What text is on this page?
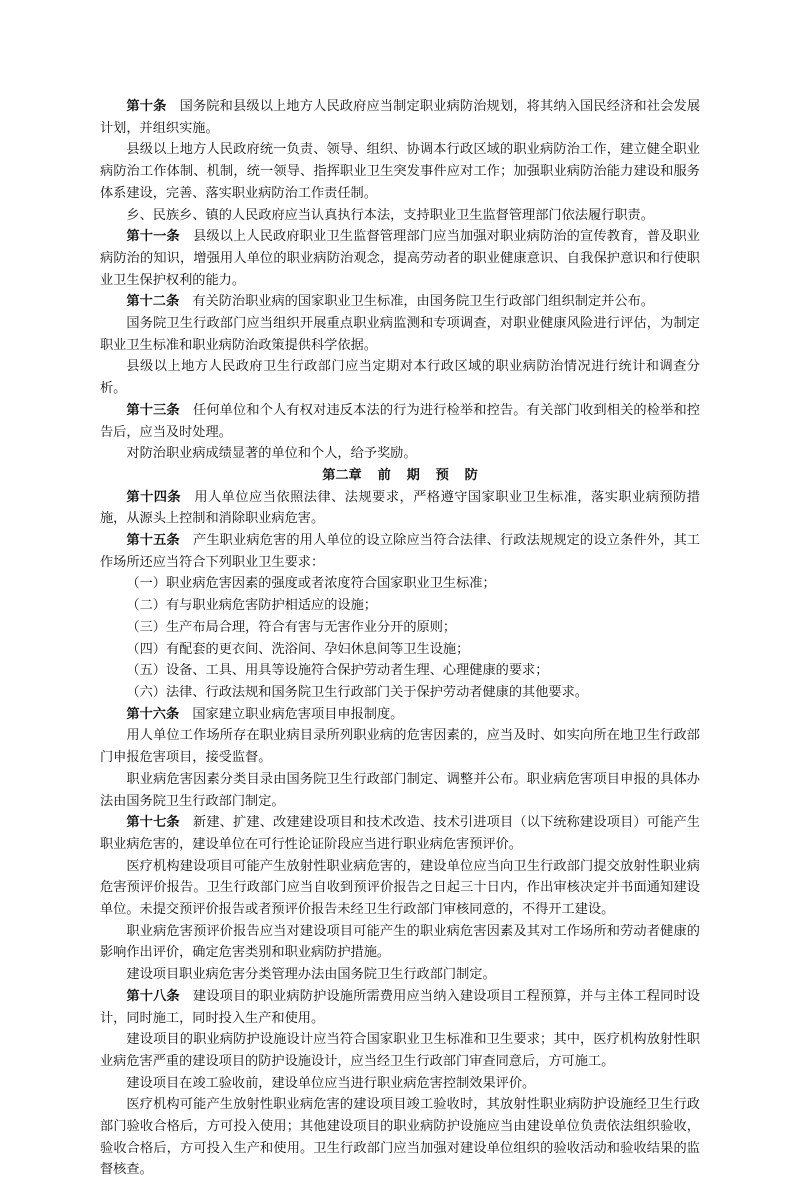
第十条 国务院和县级以上地方人民政府应当制定职业病防治规划，将其纳入国民经济和社会发展计划，并组织实施。

县级以上地方人民政府统一负责、领导、组织、协调本行政区域的职业病防治工作，建立健全职业病防治工作体制、机制，统一领导、指挥职业卫生突发事件应对工作；加强职业病防治能力建设和服务体系建设，完善、落实职业病防治工作责任制。

乡、民族乡、镇的人民政府应当认真执行本法，支持职业卫生监督管理部门依法履行职责。

第十一条 县级以上人民政府职业卫生监督管理部门应当加强对职业病防治的宣传教育，普及职业病防治的知识，增强用人单位的职业病防治观念，提高劳动者的职业健康意识、自我保护意识和行使职业卫生保护权利的能力。

第十二条 有关防治职业病的国家职业卫生标准，由国务院卫生行政部门组织制定并公布。

国务院卫生行政部门应当组织开展重点职业病监测和专项调查，对职业健康风险进行评估，为制定职业卫生标准和职业病防治政策提供科学依据。

县级以上地方人民政府卫生行政部门应当定期对本行政区域的职业病防治情况进行统计和调查分析。

第十三条 任何单位和个人有权对违反本法的行为进行检举和控告。有关部门收到相关的检举和控告后，应当及时处理。

对防治职业病成绩显著的单位和个人，给予奖励。

第二章 前 期 预 防

第十四条 用人单位应当依照法律、法规要求，严格遵守国家职业卫生标准，落实职业病预防措施，从源头上控制和消除职业病危害。

第十五条 产生职业病危害的用人单位的设立除应当符合法律、行政法规规定的设立条件外，其工作场所还应当符合下列职业卫生要求：

（一）职业病危害因素的强度或者浓度符合国家职业卫生标准；

（二）有与职业病危害防护相适应的设施；

（三）生产布局合理，符合有害与无害作业分开的原则；

（四）有配套的更衣间、洗浴间、孕妇休息间等卫生设施；

（五）设备、工具、用具等设施符合保护劳动者生理、心理健康的要求；

（六）法律、行政法规和国务院卫生行政部门关于保护劳动者健康的其他要求。

第十六条 国家建立职业病危害项目申报制度。

用人单位工作场所存在职业病目录所列职业病的危害因素的，应当及时、如实向所在地卫生行政部门申报危害项目，接受监督。

职业病危害因素分类目录由国务院卫生行政部门制定、调整并公布。职业病危害项目申报的具体办法由国务院卫生行政部门制定。

第十七条 新建、扩建、改建建设项目和技术改造、技术引进项目（以下统称建设项目）可能产生职业病危害的，建设单位在可行性论证阶段应当进行职业病危害预评价。

医疗机构建设项目可能产生放射性职业病危害的，建设单位应当向卫生行政部门提交放射性职业病危害预评价报告。卫生行政部门应当自收到预评价报告之日起三十日内，作出审核决定并书面通知建设单位。未提交预评价报告或者预评价报告未经卫生行政部门审核同意的，不得开工建设。

职业病危害预评价报告应当对建设项目可能产生的职业病危害因素及其对工作场所和劳动者健康的影响作出评价，确定危害类别和职业病防护措施。

建设项目职业病危害分类管理办法由国务院卫生行政部门制定。

第十八条 建设项目的职业病防护设施所需费用应当纳入建设项目工程预算，并与主体工程同时设计，同时施工，同时投入生产和使用。

建设项目的职业病防护设施设计应当符合国家职业卫生标准和卫生要求；其中，医疗机构放射性职业病危害严重的建设项目的防护设施设计，应当经卫生行政部门审查同意后，方可施工。

建设项目在竣工验收前，建设单位应当进行职业病危害控制效果评价。

医疗机构可能产生放射性职业病危害的建设项目竣工验收时，其放射性职业病防护设施经卫生行政部门验收合格后，方可投入使用；其他建设项目的职业病防护设施应当由建设单位负责依法组织验收，验收合格后，方可投入生产和使用。卫生行政部门应当加强对建设单位组织的验收活动和验收结果的监督核查。
